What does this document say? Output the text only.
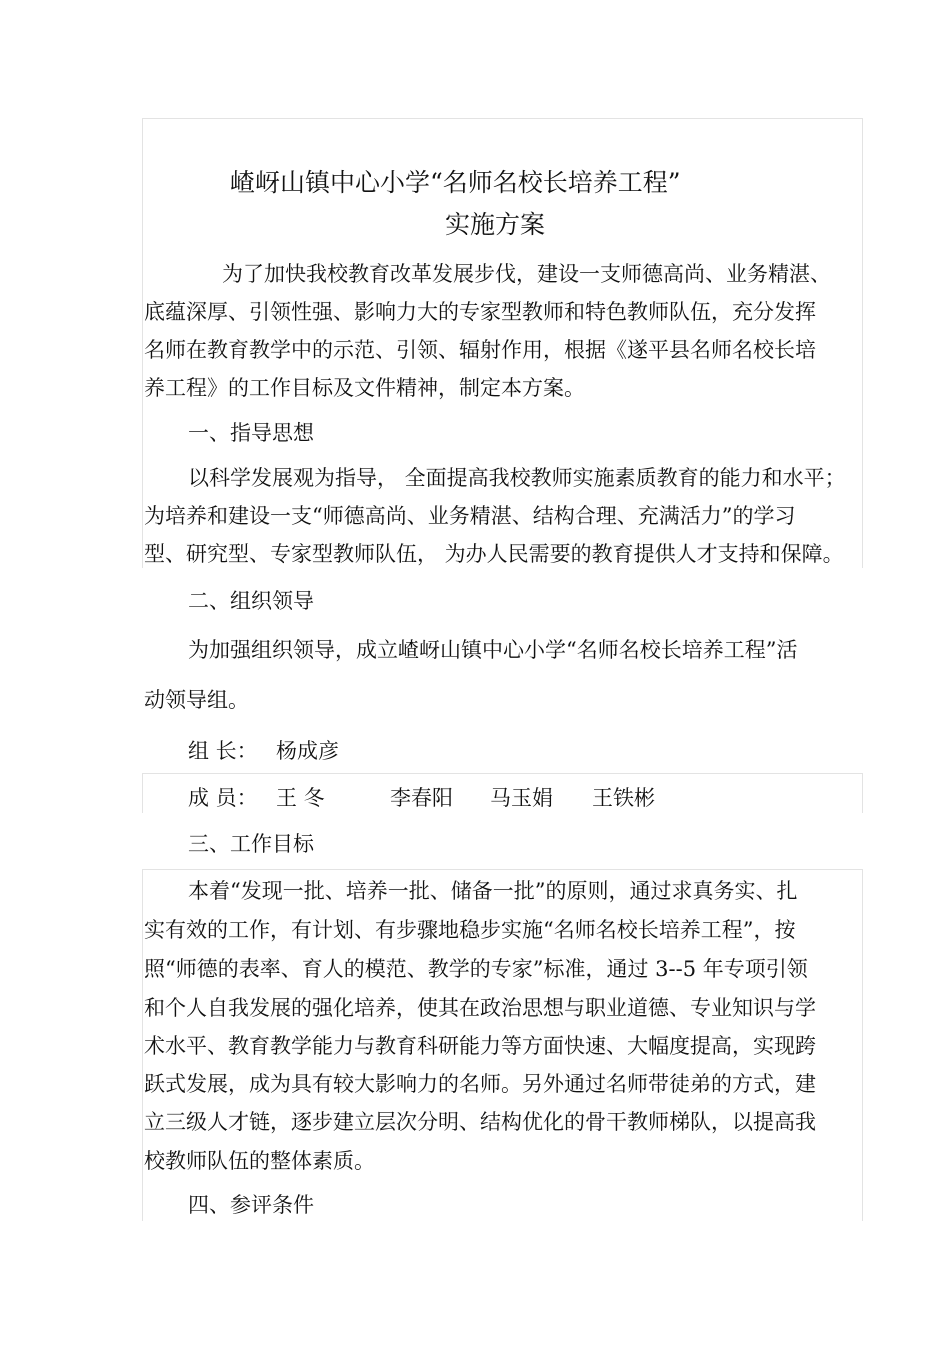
嵖岈山镇中心小学“名师名校长培养工程”
实施方案
为了加快我校教育改革发展步伐，建设一支师德高尚、业务精湛、
底蕴深厚、引领性强、影响力大的专家型教师和特色教师队伍，充分发挥
名师在教育教学中的示范、引领、辐射作用，根据《遂平县名师名校长培
养工程》的工作目标及文件精神，制定本方案。
一、指导思想
以科学发展观为指导， 全面提高我校教师实施素质教育的能力和水平；
为培养和建设一支“师德高尚、业务精湛、结构合理、充满活力”的学习
型、研究型、专家型教师队伍， 为办人民需要的教育提供人才支持和保障。
二、组织领导
为加强组织领导，成立嵖岈山镇中心小学“名师名校长培养工程”活
动领导组。
组 长： 杨成彦
成 员： 王 冬	李春阳 马玉娟 王铁彬
三、工作目标
本着“发现一批、培养一批、储备一批”的原则，通过求真务实、扎
实有效的工作，有计划、有步骤地稳步实施“名师名校长培养工程”，按
照“师德的表率、育人的模范、教学的专家”标准，通过 3--5 年专项引领
和个人自我发展的强化培养，使其在政治思想与职业道德、专业知识与学
术水平、教育教学能力与教育科研能力等方面快速、大幅度提高，实现跨
跃式发展，成为具有较大影响力的名师。另外通过名师带徒弟的方式，建
立三级人才链，逐步建立层次分明、结构优化的骨干教师梯队，以提高我
校教师队伍的整体素质。
四、参评条件
